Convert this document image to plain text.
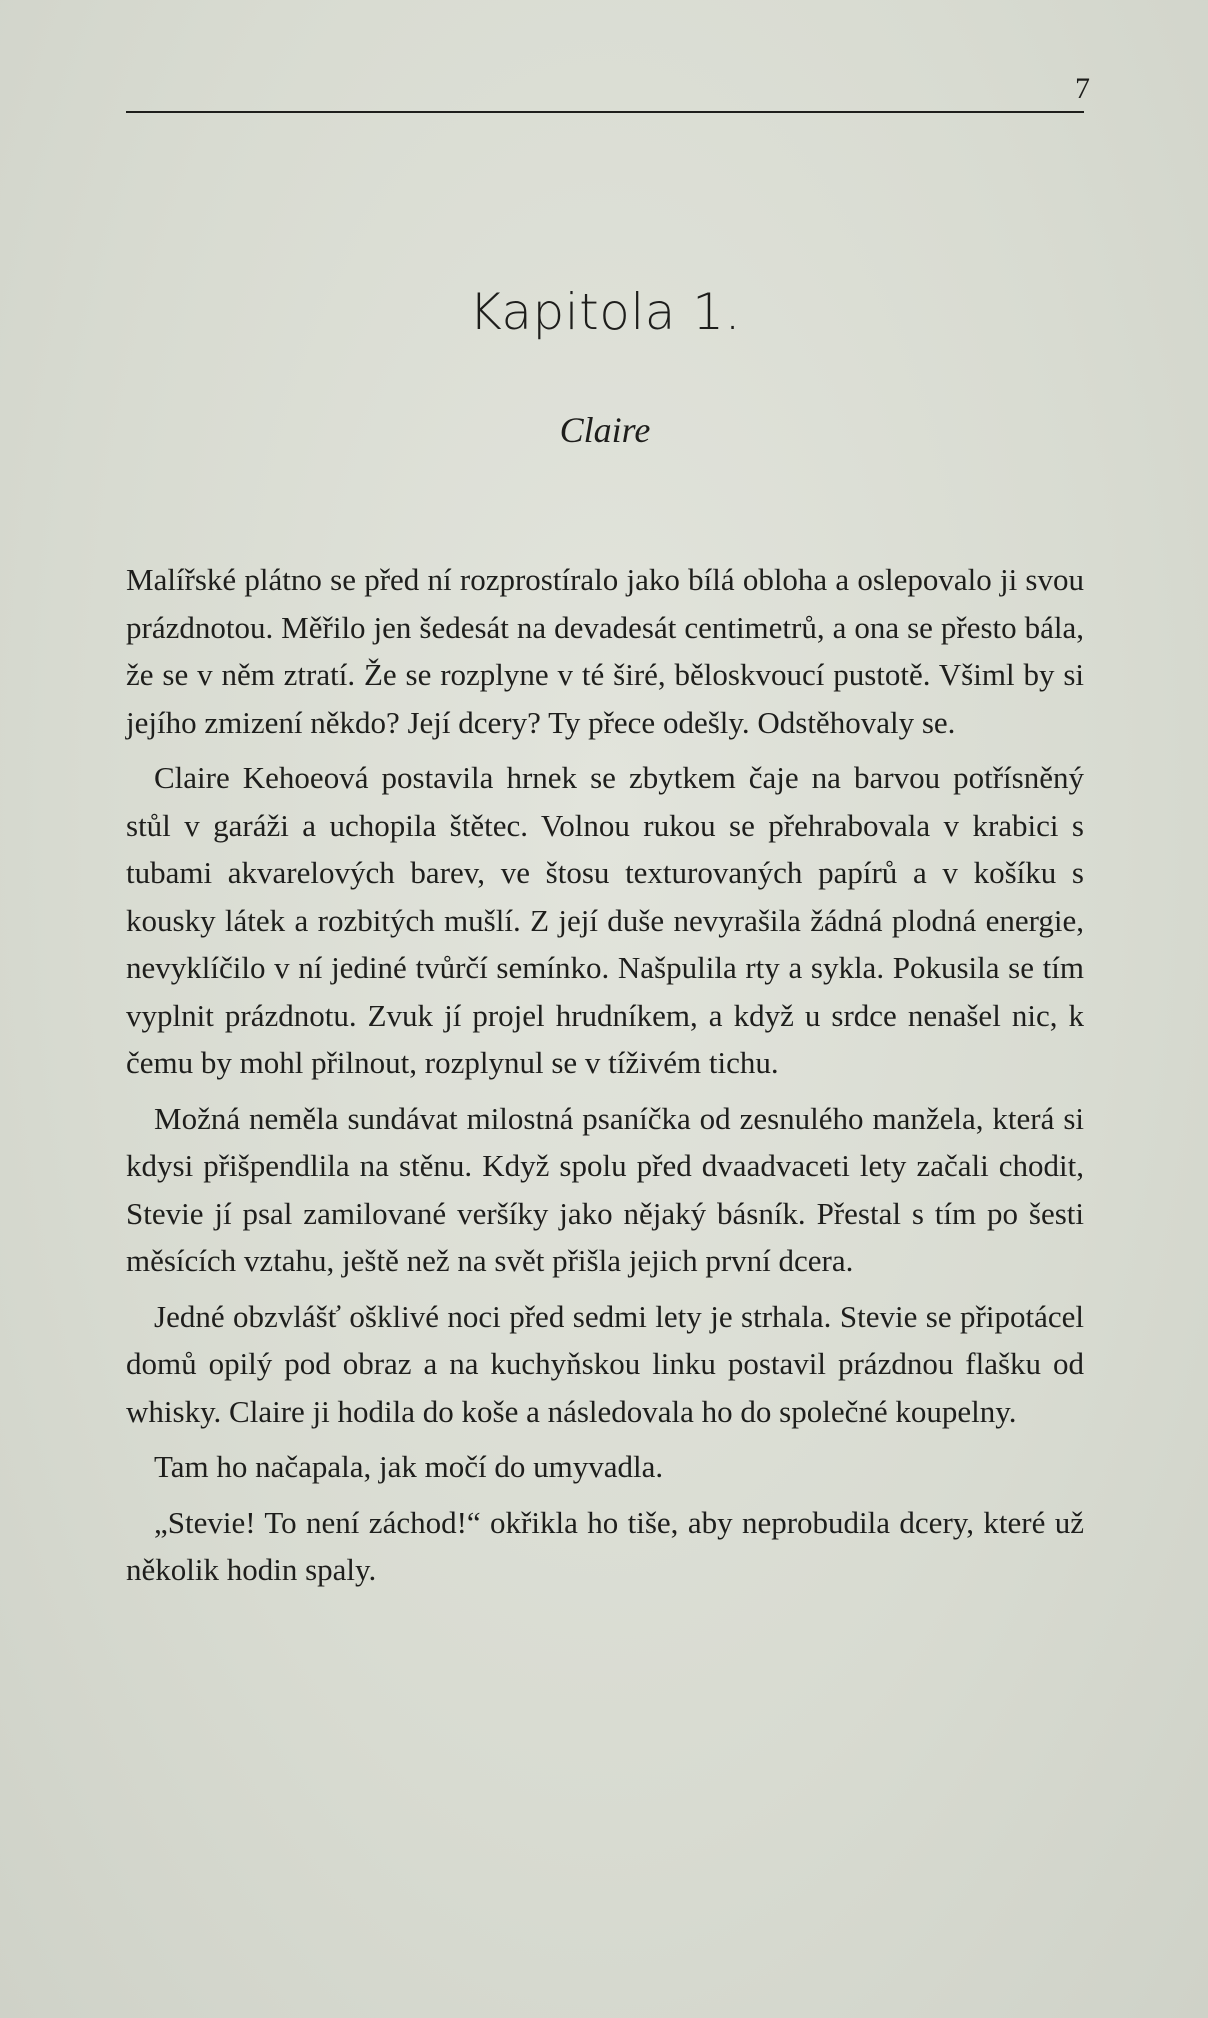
7
Kapitola 1.
Claire

Malířské plátno se před ní rozprostíralo jako bílá obloha a oslepovalo ji svou prázdnotou. Měřilo jen šedesát na devadesát centimetrů, a ona se přesto bála, že se v něm ztratí. Že se rozplyne v té širé, běloskvoucí pustotě. Všiml by si jejího zmizení někdo? Její dcery? Ty přece odešly. Odstěhovaly se.

Claire Kehoeová postavila hrnek se zbytkem čaje na barvou potřísněný stůl v garáži a uchopila štětec. Volnou rukou se přehrabovala v krabici s tubami akvarelových barev, ve štosu texturovaných papírů a v košíku s kousky látek a rozbitých mušlí. Z její duše nevyrašila žádná plodná energie, nevyklíčilo v ní jediné tvůrčí semínko. Našpulila rty a sykla. Pokusila se tím vyplnit prázdnotu. Zvuk jí projel hrudníkem, a když u srdce nenašel nic, k čemu by mohl přilnout, rozplynul se v tíživém tichu.

Možná neměla sundávat milostná psaníčka od zesnulého manžela, která si kdysi přišpendlila na stěnu. Když spolu před dvaadvaceti lety začali chodit, Stevie jí psal zamilované veršíky jako nějaký básník. Přestal s tím po šesti měsících vztahu, ještě než na svět přišla jejich první dcera.

Jedné obzvlášť ošklivé noci před sedmi lety je strhala. Stevie se připotácel domů opilý pod obraz a na kuchyňskou linku postavil prázdnou flašku od whisky. Claire ji hodila do koše a následovala ho do společné koupelny.

Tam ho načapala, jak močí do umyvadla.

„Stevie! To není záchod!“ okřikla ho tiše, aby neprobudila dcery, které už několik hodin spaly.
